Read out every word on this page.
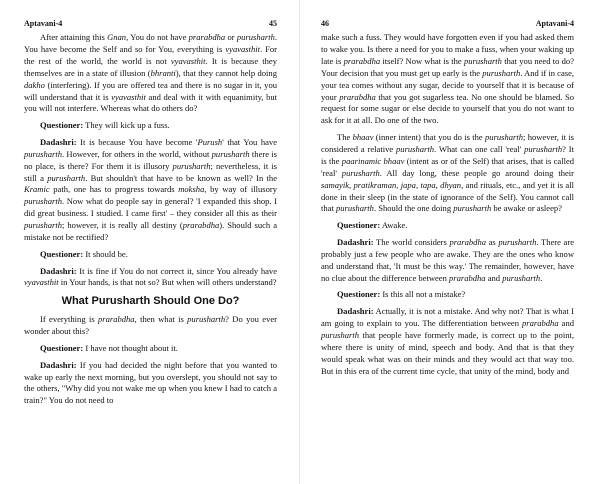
Aptavani-4	45

After attaining this Gnan, You do not have prarabdha or purusharth. You have become the Self and so for You, everything is vyavasthit. For the rest of the world, the world is not vyavasthit. It is because they themselves are in a state of illusion (bhranti), that they cannot help doing dakho (interfering). If you are offered tea and there is no sugar in it, you will understand that it is vyavasthit and deal with it with equanimity, but you will not interfere. Whereas what do others do?

Questioner: They will kick up a fuss.

Dadashri: It is because You have become 'Purush' that You have purusharth. However, for others in the world, without purusharth there is no place, is there? For them it is illusory purusharth; nevertheless, it is still a purusharth. But shouldn't that have to be known as well? In the Kramic path, one has to progress towards moksha, by way of illusory purusharth. Now what do people say in general? 'I expanded this shop. I did great business. I studied. I came first' – they consider all this as their purusharth; however, it is really all destiny (prarabdha). Should such a mistake not be rectified?

Questioner: It should be.

Dadashri: It is fine if You do not correct it, since You already have vyavasthit in Your hands, is that not so? But when will others understand?

What Purusharth Should One Do?

If everything is prarabdha, then what is purusharth? Do you ever wonder about this?

Questioner: I have not thought about it.

Dadashri: If you had decided the night before that you wanted to wake up early the next morning, but you overslept, you should not say to the others, "Why did you not wake me up when you knew I had to catch a train?" You do not need to

46	Aptavani-4

make such a fuss. They would have forgotten even if you had asked them to wake you. Is there a need for you to make a fuss, when your waking up late is prarabdha itself? Now what is the purusharth that you need to do? Your decision that you must get up early is the purusharth. And if in case, your tea comes without any sugar, decide to yourself that it is because of your prarabdha that you got sugarless tea. No one should be blamed. So request for some sugar or else decide to yourself that you do not want to ask for it at all. Do one of the two.

The bhaav (inner intent) that you do is the purusharth; however, it is considered a relative purusharth. What can one call 'real' purusharth? It is the paarinamic bhaav (intent as or of the Self) that arises, that is called 'real' purusharth. All day long, these people go around doing their samayik, pratikraman, japa, tapa, dhyan, and rituals, etc., and yet it is all done in their sleep (in the state of ignorance of the Self). You cannot call that purusharth. Should the one doing purusharth be awake or asleep?

Questioner: Awake.

Dadashri: The world considers prarabdha as purusharth. There are probably just a few people who are awake. They are the ones who know and understand that, 'It must be this way.' The remainder, however, have no clue about the difference between prarabdha and purusharth.

Questioner: Is this all not a mistake?

Dadashri: Actually, it is not a mistake. And why not? That is what I am going to explain to you. The differentiation between prarabdha and purusharth that people have formerly made, is correct up to the point, where there is unity of mind, speech and body. And that is that they would speak what was on their minds and they would act that way too. But in this era of the current time cycle, that unity of the mind, body and
